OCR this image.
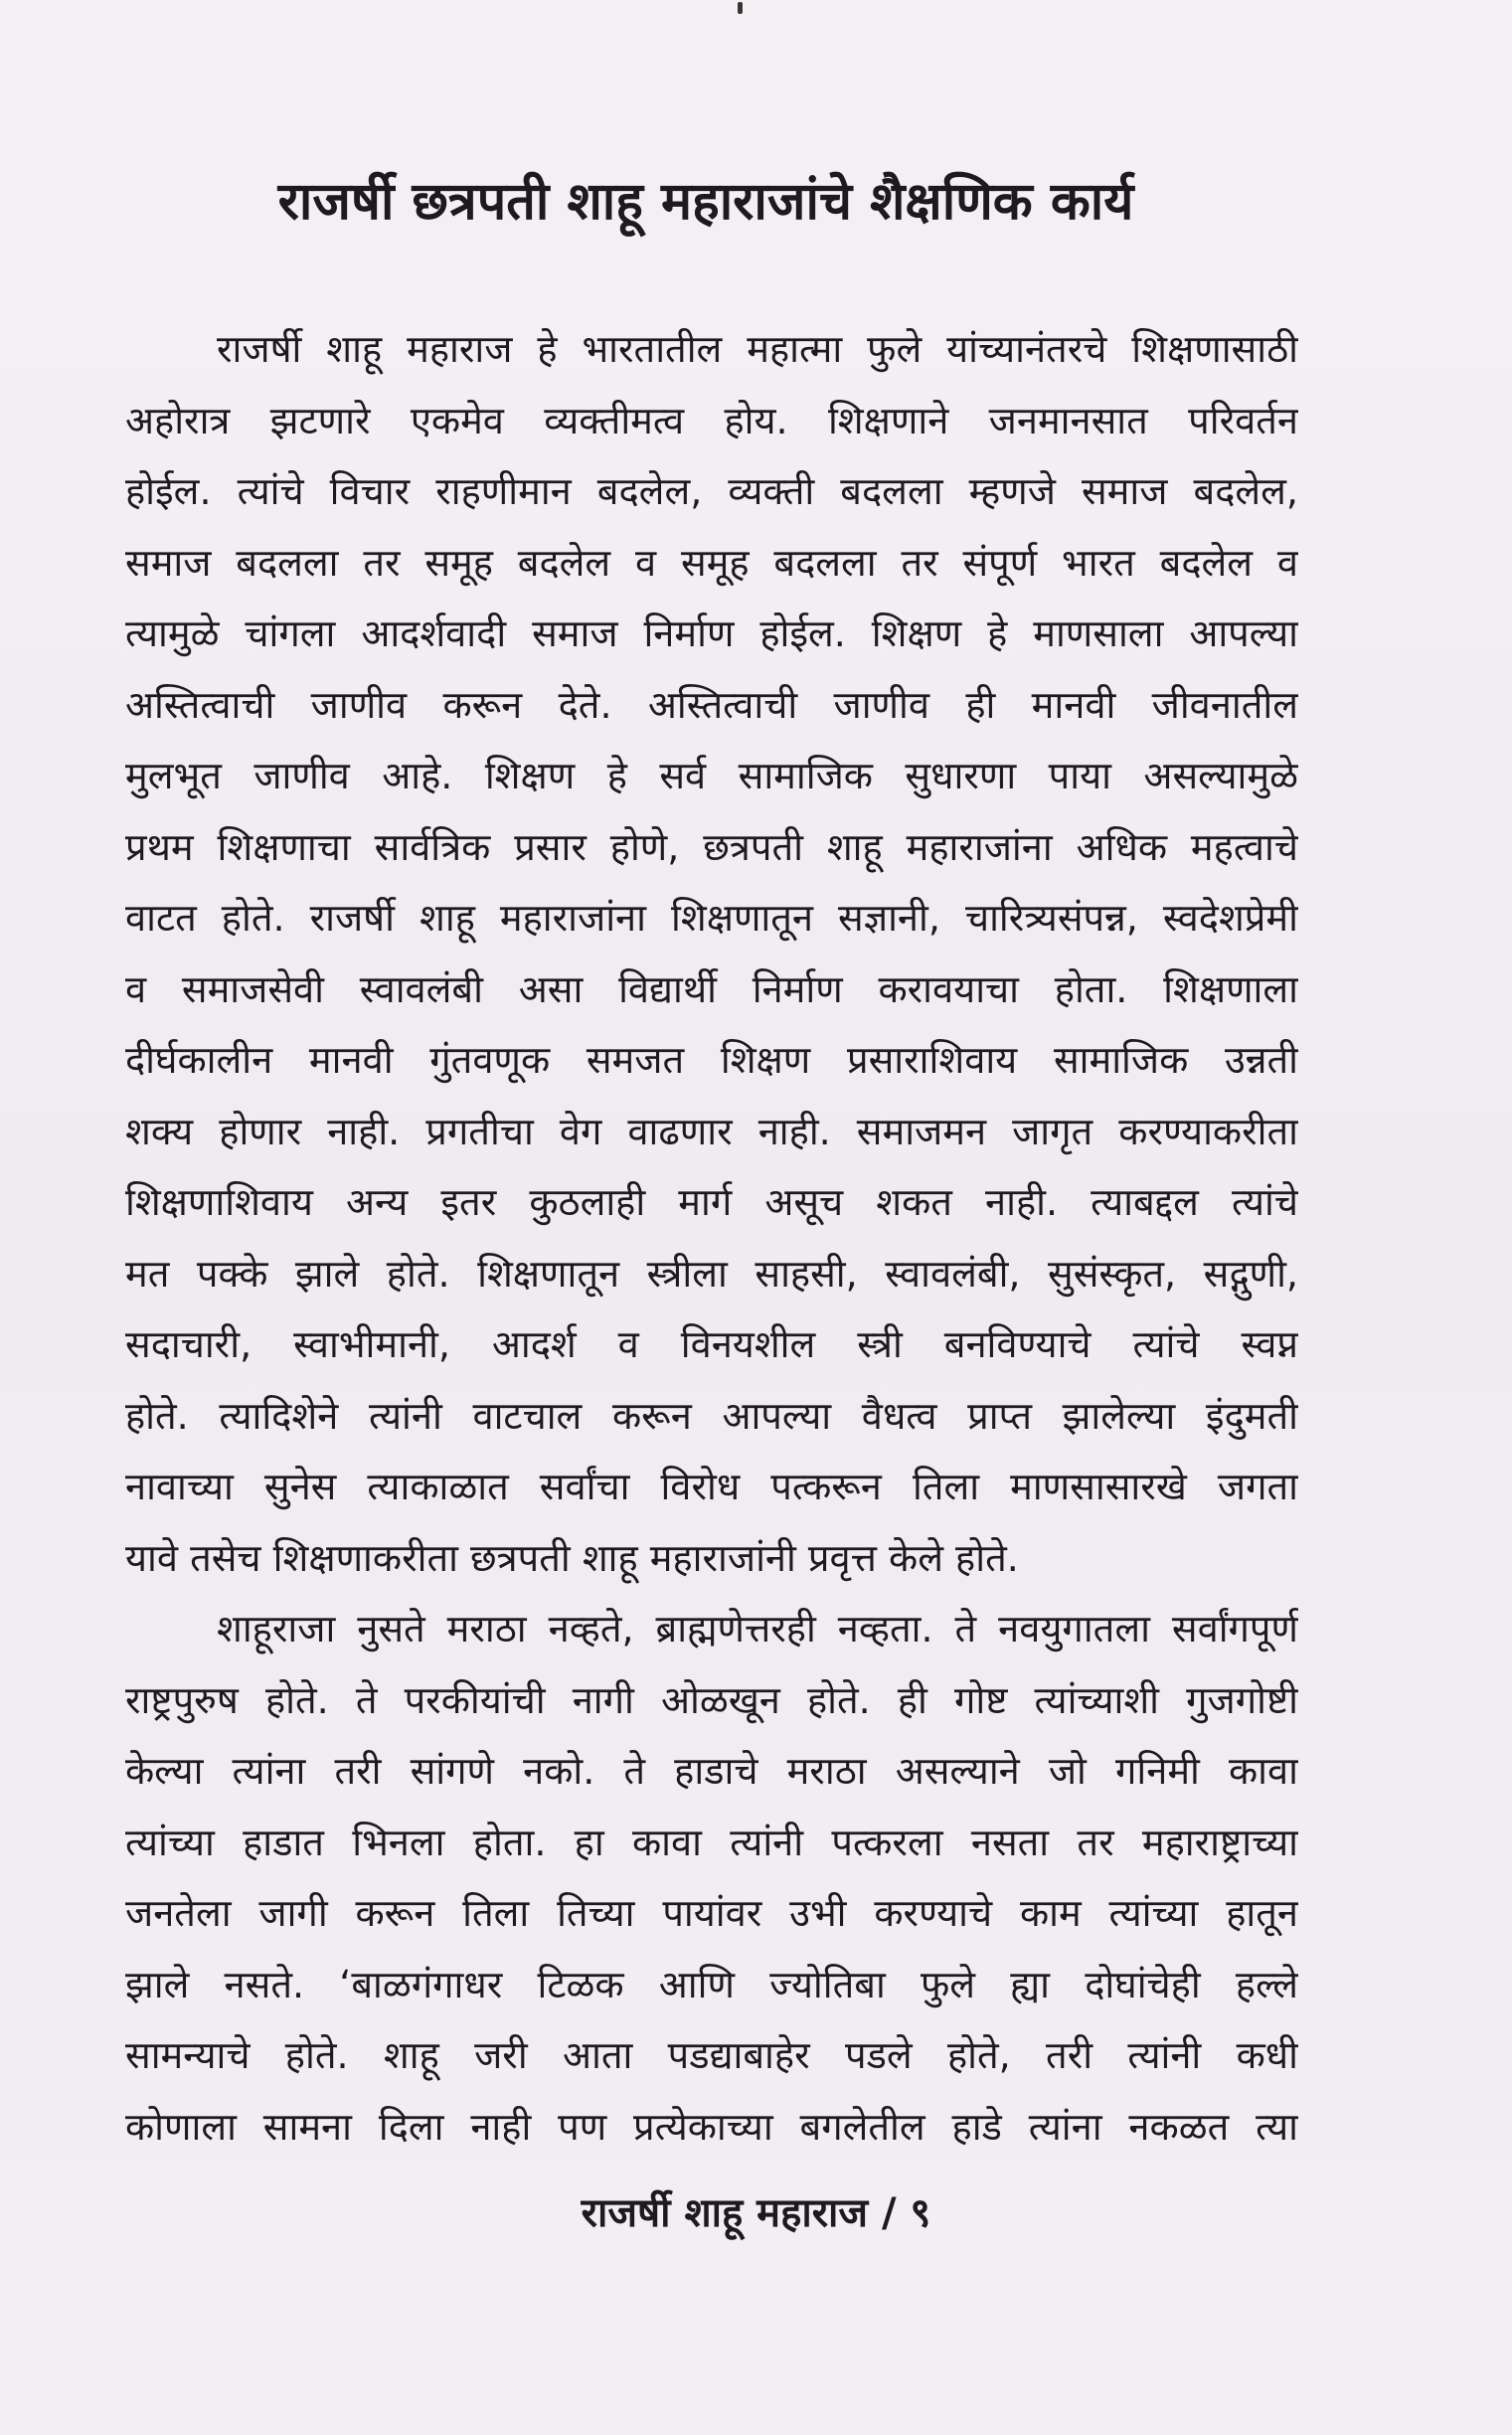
राजर्षी छत्रपती शाहू महाराजांचे शैक्षणिक कार्य
राजर्षी शाहू महाराज हे भारतातील महात्मा फुले यांच्यानंतरचे शिक्षणासाठी
अहोरात्र झटणारे एकमेव व्यक्तीमत्व होय. शिक्षणाने जनमानसात परिवर्तन
होईल. त्यांचे विचार राहणीमान बदलेल, व्यक्ती बदलला म्हणजे समाज बदलेल,
समाज बदलला तर समूह बदलेल व समूह बदलला तर संपूर्ण भारत बदलेल व
त्यामुळे चांगला आदर्शवादी समाज निर्माण होईल. शिक्षण हे माणसाला आपल्या
अस्तित्वाची जाणीव करून देते. अस्तित्वाची जाणीव ही मानवी जीवनातील
मुलभूत जाणीव आहे. शिक्षण हे सर्व सामाजिक सुधारणा पाया असल्यामुळे
प्रथम शिक्षणाचा सार्वत्रिक प्रसार होणे, छत्रपती शाहू महाराजांना अधिक महत्वाचे
वाटत होते. राजर्षी शाहू महाराजांना शिक्षणातून सज्ञानी, चारित्र्यसंपन्न, स्वदेशप्रेमी
व समाजसेवी स्वावलंबी असा विद्यार्थी निर्माण करावयाचा होता. शिक्षणाला
दीर्घकालीन मानवी गुंतवणूक समजत शिक्षण प्रसाराशिवाय सामाजिक उन्नती
शक्य होणार नाही. प्रगतीचा वेग वाढणार नाही. समाजमन जागृत करण्याकरीता
शिक्षणाशिवाय अन्य इतर कुठलाही मार्ग असूच शकत नाही. त्याबद्दल त्यांचे
मत पक्के झाले होते. शिक्षणातून स्त्रीला साहसी, स्वावलंबी, सुसंस्कृत, सद्गुणी,
सदाचारी, स्वाभीमानी, आदर्श व विनयशील स्त्री बनविण्याचे त्यांचे स्वप्न
होते. त्यादिशेने त्यांनी वाटचाल करून आपल्या वैधत्व प्राप्त झालेल्या इंदुमती
नावाच्या सुनेस त्याकाळात सर्वांचा विरोध पत्करून तिला माणसासारखे जगता
यावे तसेच शिक्षणाकरीता छत्रपती शाहू महाराजांनी प्रवृत्त केले होते.
शाहूराजा नुसते मराठा नव्हते, ब्राह्मणेत्तरही नव्हता. ते नवयुगातला सर्वांगपूर्ण
राष्ट्रपुरुष होते. ते परकीयांची नागी ओळखून होते. ही गोष्ट त्यांच्याशी गुजगोष्टी
केल्या त्यांना तरी सांगणे नको. ते हाडाचे मराठा असल्याने जो गनिमी कावा
त्यांच्या हाडात भिनला होता. हा कावा त्यांनी पत्करला नसता तर महाराष्ट्राच्या
जनतेला जागी करून तिला तिच्या पायांवर उभी करण्याचे काम त्यांच्या हातून
झाले नसते. ‘बाळगंगाधर टिळक आणि ज्योतिबा फुले ह्या दोघांचेही हल्ले
सामन्याचे होते. शाहू जरी आता पडद्याबाहेर पडले होते, तरी त्यांनी कधी
कोणाला सामना दिला नाही पण प्रत्येकाच्या बगलेतील हाडे त्यांना नकळत त्या
राजर्षी शाहू महाराज / ९
